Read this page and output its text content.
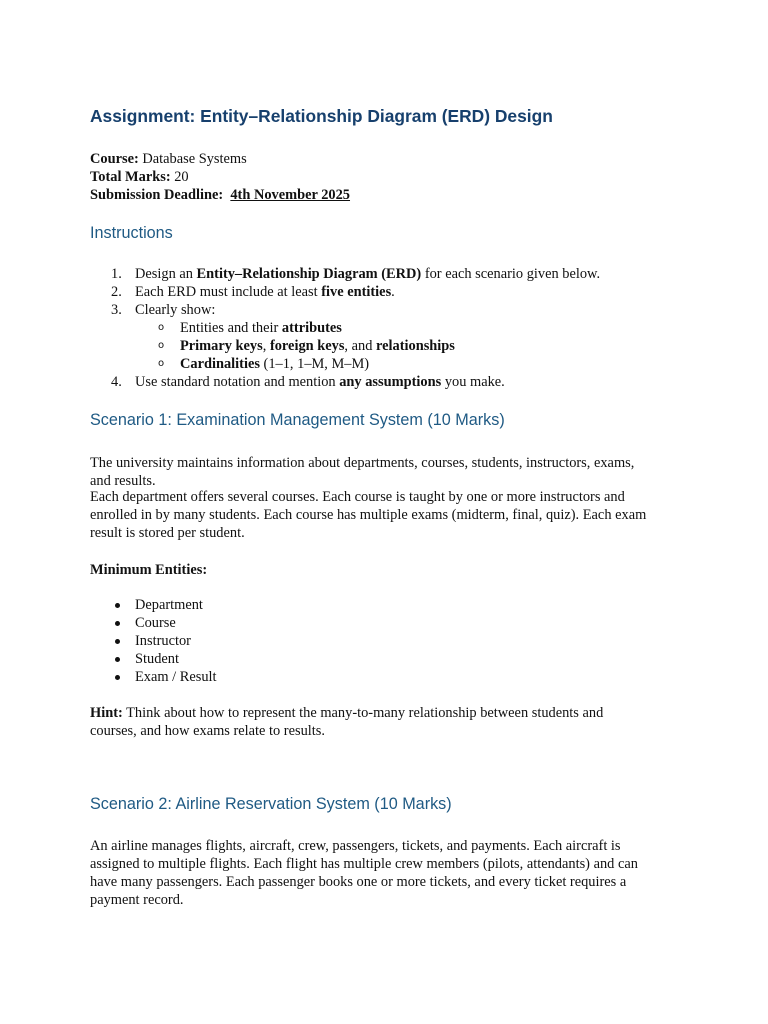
Assignment: Entity–Relationship Diagram (ERD) Design
Course: Database Systems
Total Marks: 20
Submission Deadline: 4th November 2025
Instructions
1. Design an Entity–Relationship Diagram (ERD) for each scenario given below.
2. Each ERD must include at least five entities.
3. Clearly show:
o Entities and their attributes
o Primary keys, foreign keys, and relationships
o Cardinalities (1–1, 1–M, M–M)
4. Use standard notation and mention any assumptions you make.
Scenario 1: Examination Management System (10 Marks)

The university maintains information about departments, courses, students, instructors, exams,
and results.

Each department offers several courses. Each course is taught by one or more instructors and
enrolled in by many students. Each course has multiple exams (midterm, final, quiz). Each exam
result is stored per student.

Minimum Entities:

Department
Course
Instructor
Student
Exam / Result

Hint: Think about how to represent the many-to-many relationship between students and
courses, and how exams relate to results.

Scenario 2: Airline Reservation System (10 Marks)

An airline manages flights, aircraft, crew, passengers, tickets, and payments. Each aircraft is
assigned to multiple flights. Each flight has multiple crew members (pilots, attendants) and can
have many passengers. Each passenger books one or more tickets, and every ticket requires a
payment record.
